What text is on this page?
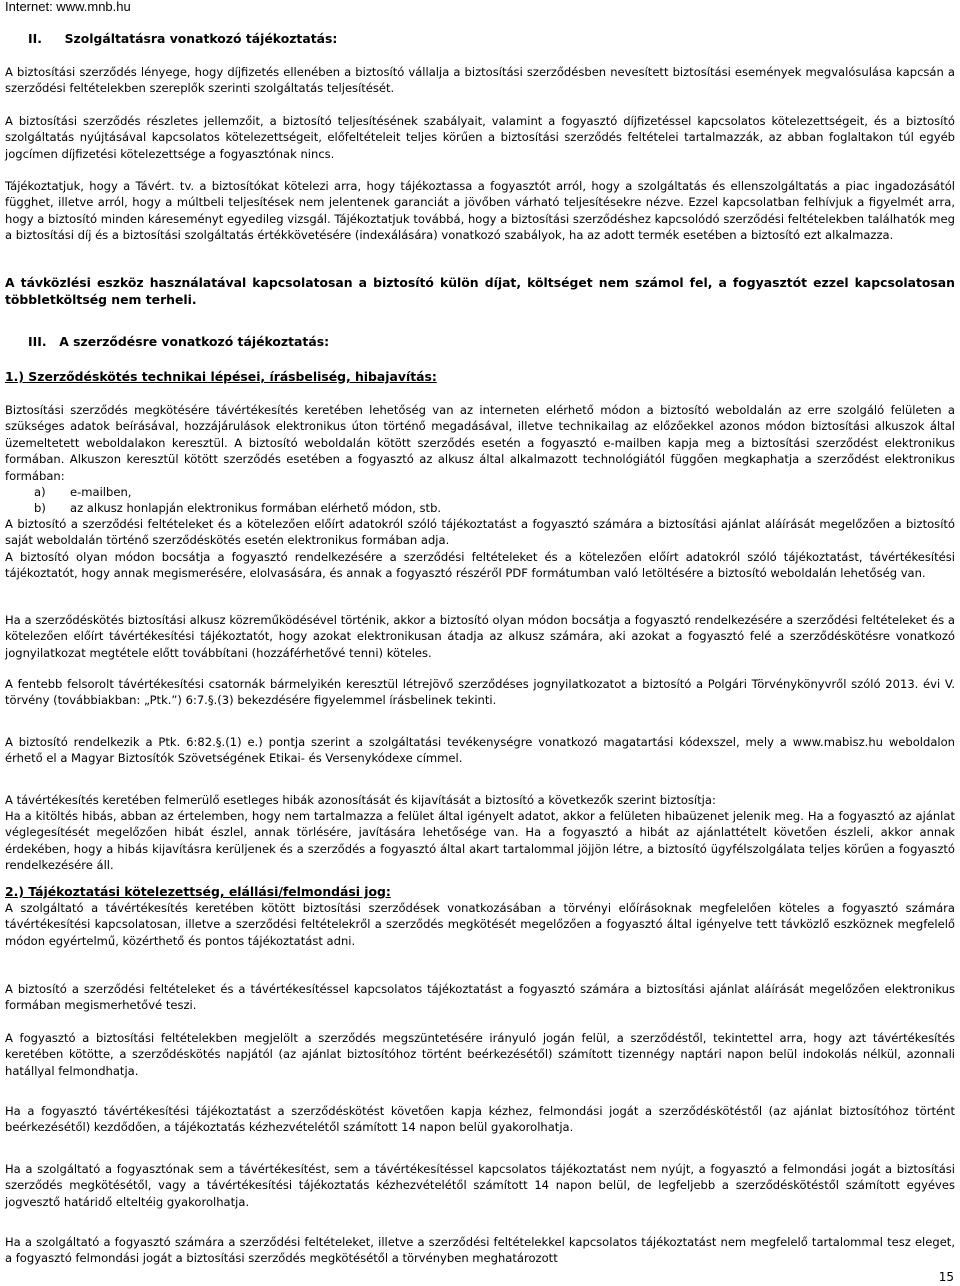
Internet: www.mnb.hu
II. Szolgáltatásra vonatkozó tájékoztatás:

A biztosítási szerződés lényege, hogy díjfizetés ellenében a biztosító vállalja a biztosítási szerződésben nevesített biztosítási események megvalósulása kapcsán a szerződési feltételekben szereplők szerinti szolgáltatás teljesítését.

A biztosítási szerződés részletes jellemzőit, a biztosító teljesítésének szabályait, valamint a fogyasztó díjfizetéssel kapcsolatos kötelezettségeit, és a biztosító szolgáltatás nyújtásával kapcsolatos kötelezettségeit, előfeltételeit teljes körűen a biztosítási szerződés feltételei tartalmazzák, az abban foglaltakon túl egyéb jogcímen díjfizetési kötelezettsége a fogyasztónak nincs.

Tájékoztatjuk, hogy a Távért. tv. a biztosítókat kötelezi arra, hogy tájékoztassa a fogyasztót arról, hogy a szolgáltatás és ellenszolgáltatás a piac ingadozásától függhet, illetve arról, hogy a múltbeli teljesítések nem jelentenek garanciát a jövőben várható teljesítésekre nézve. Ezzel kapcsolatban felhívjuk a figyelmét arra, hogy a biztosító minden káreseményt egyedileg vizsgál. Tájékoztatjuk továbbá, hogy a biztosítási szerződéshez kapcsolódó szerződési feltételekben találhatók meg a biztosítási díj és a biztosítási szolgáltatás értékkövetésére (indexálására) vonatkozó szabályok, ha az adott termék esetében a biztosító ezt alkalmazza.

A távközlési eszköz használatával kapcsolatosan a biztosító külön díjat, költséget nem számol fel, a fogyasztót ezzel kapcsolatosan többletköltség nem terheli.

III. A szerződésre vonatkozó tájékoztatás:
1.) Szerződéskötés technikai lépései, írásbeliség, hibajavítás:

Biztosítási szerződés megkötésére távértékesítés keretében lehetőség van az interneten elérhető módon a biztosító weboldalán az erre szolgáló felületen a szükséges adatok beírásával, hozzájárulások elektronikus úton történő megadásával, illetve technikailag az előzőekkel azonos módon biztosítási alkuszok által üzemeltetett weboldalakon keresztül. A biztosító weboldalán kötött szerződés esetén a fogyasztó e-mailben kapja meg a biztosítási szerződést elektronikus formában. Alkuszon keresztül kötött szerződés esetében a fogyasztó az alkusz által alkalmazott technológiától függően megkaphatja a szerződést elektronikus formában:

a) e-mailben,
b) az alkusz honlapján elektronikus formában elérhető módon, stb.

A biztosító a szerződési feltételeket és a kötelezően előírt adatokról szóló tájékoztatást a fogyasztó számára a biztosítási ajánlat aláírását megelőzően a biztosító saját weboldalán történő szerződéskötés esetén elektronikus formában adja.

A biztosító olyan módon bocsátja a fogyasztó rendelkezésére a szerződési feltételeket és a kötelezően előírt adatokról szóló tájékoztatást, távértékesítési tájékoztatót, hogy annak megismerésére, elolvasására, és annak a fogyasztó részéről PDF formátumban való letöltésére a biztosító weboldalán lehetőség van.

Ha a szerződéskötés biztosítási alkusz közreműködésével történik, akkor a biztosító olyan módon bocsátja a fogyasztó rendelkezésére a szerződési feltételeket és a kötelezően előírt távértékesítési tájékoztatót, hogy azokat elektronikusan átadja az alkusz számára, aki azokat a fogyasztó felé a szerződéskötésre vonatkozó jognyilatkozat megtétele előtt továbbítani (hozzáférhetővé tenni) köteles.

A fentebb felsorolt távértékesítési csatornák bármelyikén keresztül létrejövő szerződéses jognyilatkozatot a biztosító a Polgári Törvénykönyvről szóló 2013. évi V. törvény (továbbiakban: „Ptk.”) 6:7.§.(3) bekezdésére figyelemmel írásbelinek tekinti.

A biztosító rendelkezik a Ptk. 6:82.§.(1) e.) pontja szerint a szolgáltatási tevékenységre vonatkozó magatartási kódexszel, mely a www.mabisz.hu weboldalon érhető el a Magyar Biztosítók Szövetségének Etikai- és Versenykódexe címmel.

A távértékesítés keretében felmerülő esetleges hibák azonosítását és kijavítását a biztosító a következők szerint biztosítja:

Ha a kitöltés hibás, abban az értelemben, hogy nem tartalmazza a felület által igényelt adatot, akkor a felületen hibaüzenet jelenik meg. Ha a fogyasztó az ajánlat véglegesítését megelőzően hibát észlel, annak törlésére, javítására lehetősége van. Ha a fogyasztó a hibát az ajánlattételt követően észleli, akkor annak érdekében, hogy a hibás kijavításra kerüljenek és a szerződés a fogyasztó által akart tartalommal jöjjön létre, a biztosító ügyfélszolgálata teljes körűen a fogyasztó rendelkezésére áll.

2.) Tájékoztatási kötelezettség, elállási/felmondási jog:

A szolgáltató a távértékesítés keretében kötött biztosítási szerződések vonatkozásában a törvényi előírásoknak megfelelően köteles a fogyasztó számára távértékesítési kapcsolatosan, illetve a szerződési feltételekről a szerződés megkötését megelőzően a fogyasztó által igényelve tett távközlő eszköznek megfelelő módon egyértelmű, közérthető és pontos tájékoztatást adni.

A biztosító a szerződési feltételeket és a távértékesítéssel kapcsolatos tájékoztatást a fogyasztó számára a biztosítási ajánlat aláírását megelőzően elektronikus formában megismerhetővé teszi.

A fogyasztó a biztosítási feltételekben megjelölt a szerződés megszüntetésére irányuló jogán felül, a szerződéstől, tekintettel arra, hogy azt távértékesítés keretében kötötte, a szerződéskötés napjától (az ajánlat biztosítóhoz történt beérkezésétől) számított tizennégy naptári napon belül indokolás nélkül, azonnali hatállyal felmondhatja.

Ha a fogyasztó távértékesítési tájékoztatást a szerződéskötést követően kapja kézhez, felmondási jogát a szerződéskötéstől (az ajánlat biztosítóhoz történt beérkezésétől) kezdődően, a tájékoztatás kézhezvételétől számított 14 napon belül gyakorolhatja.

Ha a szolgáltató a fogyasztónak sem a távértékesítést, sem a távértékesítéssel kapcsolatos tájékoztatást nem nyújt, a fogyasztó a felmondási jogát a biztosítási szerződés megkötésétől, vagy a távértékesítési tájékoztatás kézhezvételétől számított 14 napon belül, de legfeljebb a szerződéskötéstől számított egyéves jogvesztő határidő elteltéig gyakorolhatja.

Ha a szolgáltató a fogyasztó számára a szerződési feltételeket, illetve a szerződési feltételekkel kapcsolatos tájékoztatást nem megfelelő tartalommal tesz eleget, a fogyasztó felmondási jogát a biztosítási szerződés megkötésétől a törvényben meghatározott

15
